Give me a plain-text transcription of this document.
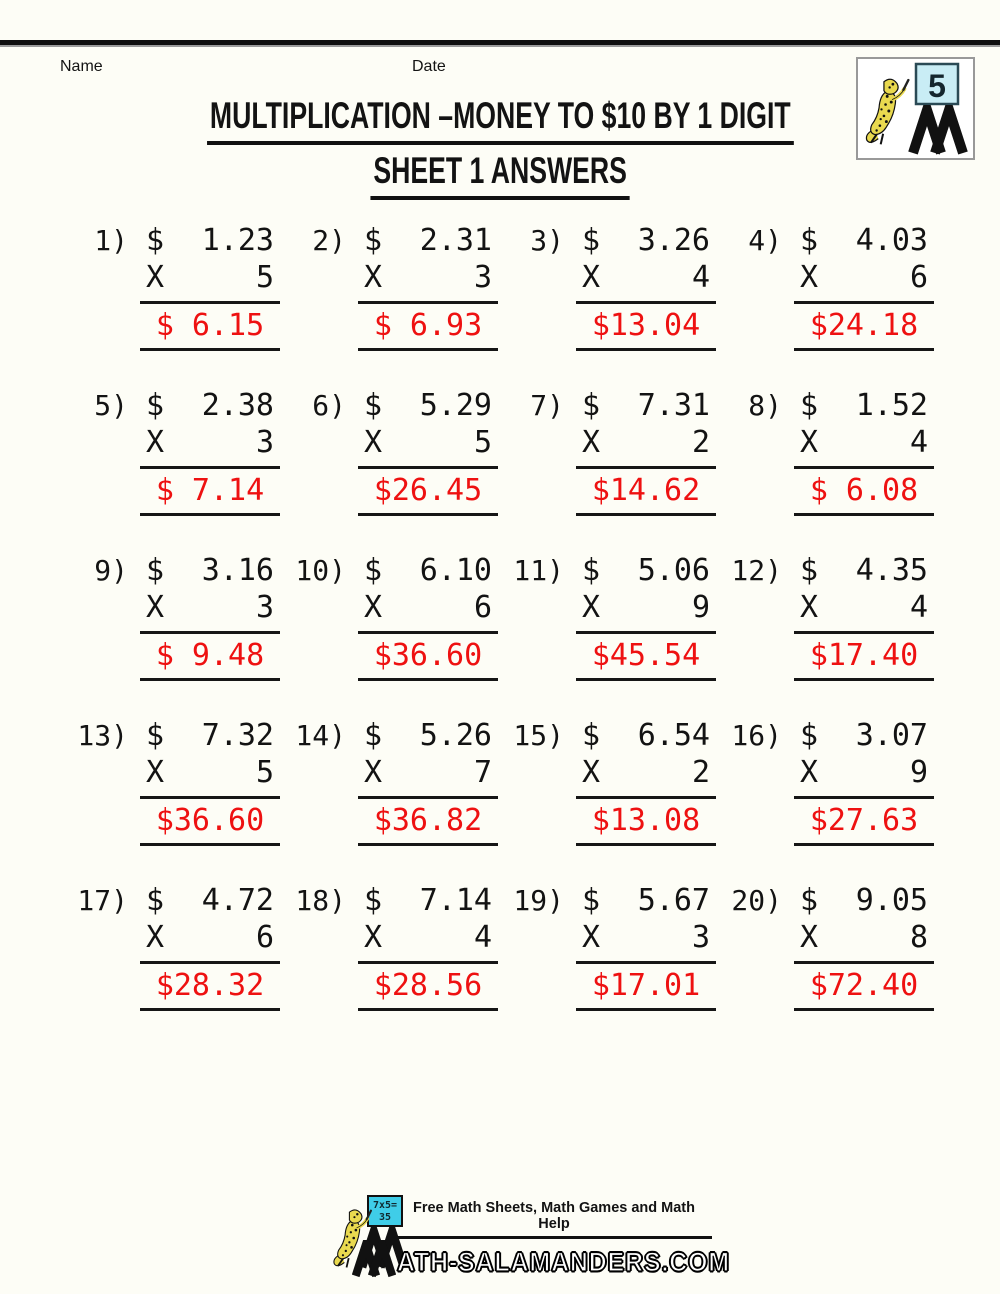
Name	Date
5
MULTIPLICATION –MONEY TO $10 BY 1 DIGIT
SHEET 1 ANSWERS
1) $ 1.23
X	5
$ 6.15
2) $ 2.31
X	3
$ 6.93
3) $ 3.26
X	4
$13.04
4) $ 4.03
X	6
$24.18
5) $ 2.38
X	3
$ 7.14
6) $ 5.29
X	5
$26.45
7) $ 7.31
X	2
$14.62
8) $ 1.52
X	4
$ 6.08
9) $ 3.16
X	3
$ 9.48
10) $ 6.10
X	6
$36.60
11) $ 5.06
X	9
$45.54
12) $ 4.35
X	4
$17.40
13) $ 7.32
X	5
$36.60
14) $ 5.26
X	7
$36.82
15) $ 6.54
X	2
$13.08
16) $ 3.07
X	9
$27.63
17) $ 4.72
X	6
$28.32
18) $ 7.14
X	4
$28.56
19) $ 5.67
X	3
$17.01
20) $ 9.05
X	8
$72.40
7x5=
35
Free Math Sheets, Math Games and Math Help
ATH-SALAMANDERS.COM
